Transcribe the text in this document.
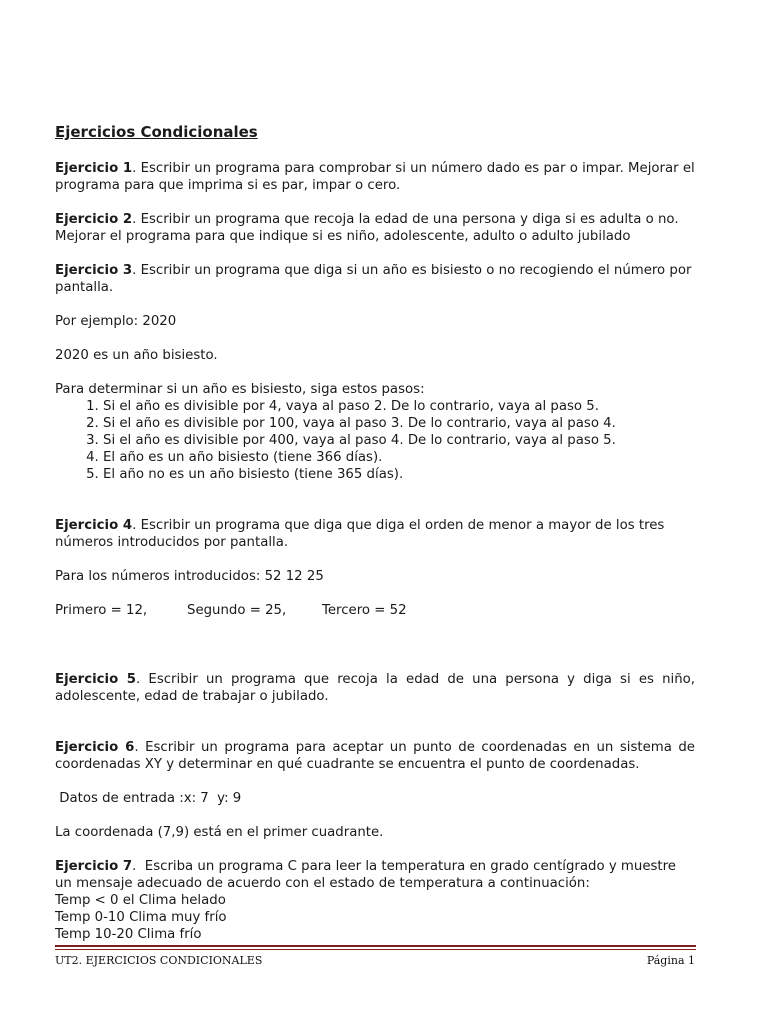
Ejercicios Condicionales

Ejercicio 1. Escribir un programa para comprobar si un número dado es par o impar. Mejorar el programa para que imprima si es par, impar o cero.

Ejercicio 2. Escribir un programa que recoja la edad de una persona y diga si es adulta o no. Mejorar el programa para que indique si es niño, adolescente, adulto o adulto jubilado

Ejercicio 3. Escribir un programa que diga si un año es bisiesto o no recogiendo el número por pantalla.

Por ejemplo: 2020

2020 es un año bisiesto.

Para determinar si un año es bisiesto, siga estos pasos:

1. Si el año es divisible por 4, vaya al paso 2. De lo contrario, vaya al paso 5.
2. Si el año es divisible por 100, vaya al paso 3. De lo contrario, vaya al paso 4.
3. Si el año es divisible por 400, vaya al paso 4. De lo contrario, vaya al paso 5.
4. El año es un año bisiesto (tiene 366 días).
5. El año no es un año bisiesto (tiene 365 días).

Ejercicio 4. Escribir un programa que diga que diga el orden de menor a mayor de los tres números introducidos por pantalla.

Para los números introducidos: 52 12 25

Primero = 12,	Segundo = 25,	Tercero = 52

Ejercicio 5. Escribir un programa que recoja la edad de una persona y diga si es niño, adolescente, edad de trabajar o jubilado.

Ejercicio 6. Escribir un programa para aceptar un punto de coordenadas en un sistema de coordenadas XY y determinar en qué cuadrante se encuentra el punto de coordenadas.

Datos de entrada :x: 7  y: 9

La coordenada (7,9) está en el primer cuadrante.

Ejercicio 7.  Escriba un programa C para leer la temperatura en grado centígrado y muestre un mensaje adecuado de acuerdo con el estado de temperatura a continuación:

Temp < 0 el Clima helado

Temp 0-10 Clima muy frío

Temp 10-20 Clima frío

UT2. EJERCICIOS CONDICIONALES	Página 1
